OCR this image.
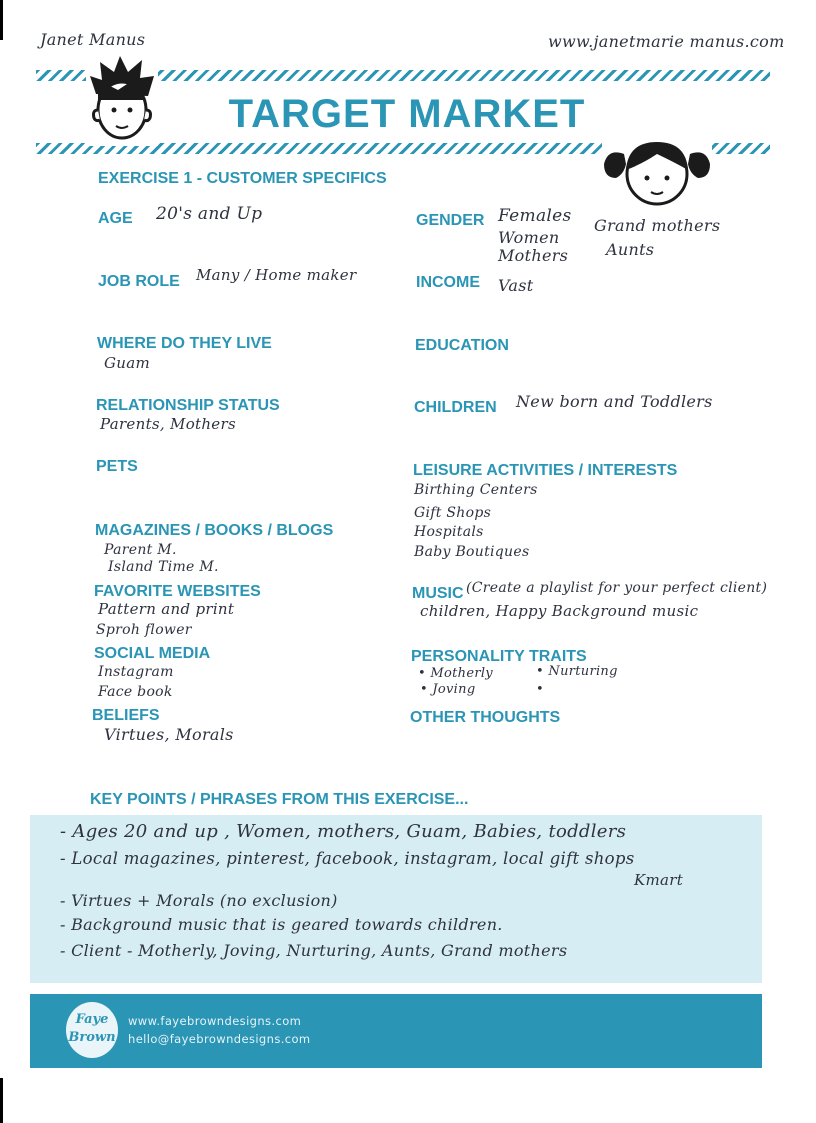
Janet Manus	www.janetmarie manus.com
TARGET MARKET
EXERCISE 1 - CUSTOMER SPECIFICS
AGE 20's and Up	GENDER Females
Women
Mothers
Grand mothers
Aunts
JOB ROLE Many / Home maker	INCOME Vast
WHERE DO THEY LIVE
Guam
EDUCATION
RELATIONSHIP STATUS
Parents, Mothers
CHILDREN New born and Toddlers
PETS	LEISURE ACTIVITIES / INTERESTS
Birthing Centers
Gift Shops
Hospitals
Baby Boutiques
MAGAZINES / BOOKS / BLOGS
Parent M.
Island Time M.
FAVORITE WEBSITES
Pattern and print
Sproh flower
MUSIC (Create a playlist for your perfect client)
children, Happy Background music
SOCIAL MEDIA
Instagram
Face book
PERSONALITY TRAITS
• Motherly	• Nurturing
• Joving	•
BELIEFS
Virtues, Morals
OTHER THOUGHTS
KEY POINTS / PHRASES FROM THIS EXERCISE...
- Ages 20 and up , Women, mothers, Guam, Babies, toddlers
- Local magazines, pinterest, facebook, instagram, local gift shops
Kmart
- Virtues + Morals (no exclusion)
- Background music that is geared towards children.
- Client - Motherly, Joving, Nurturing, Aunts, Grand mothers
Faye
Brown
www.fayebrowndesigns.com
hello@fayebrowndesigns.com
